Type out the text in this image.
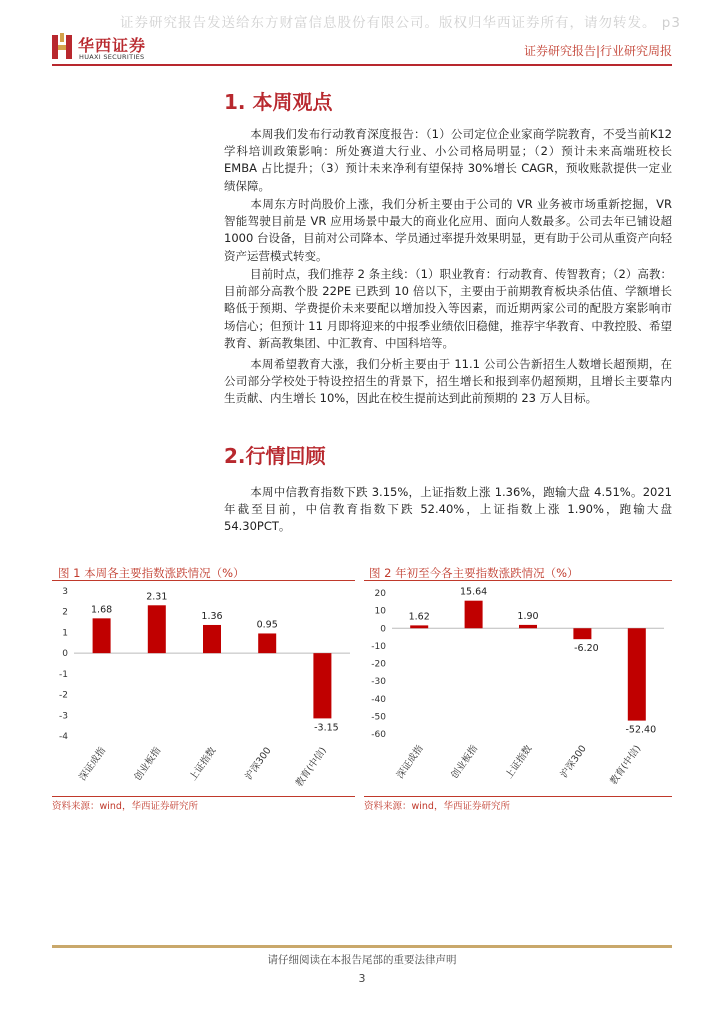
证券研究报告发送给东方财富信息股份有限公司。版权归华西证券所有，请勿转发。 p3
华西证券
HUAXI SECURITIES	证券研究报告|行业研究周报
1. 本周观点
本周我们发布行动教育深度报告：（1）公司定位企业家商学院教育，不受当前K12 学科培训政策影响：所处赛道大行业、小公司格局明显；（2）预计未来高端班校长 EMBA 占比提升；（3）预计未来净利有望保持 30%增长 CAGR，预收账款提供一定业绩保障。
本周东方时尚股价上涨，我们分析主要由于公司的 VR 业务被市场重新挖掘，VR 智能驾驶目前是 VR 应用场景中最大的商业化应用、面向人数最多。公司去年已铺设超 1000 台设备，目前对公司降本、学员通过率提升效果明显，更有助于公司从重资产向轻资产运营模式转变。
目前时点，我们推荐 2 条主线：（1）职业教育：行动教育、传智教育；（2）高教：目前部分高教个股 22PE 已跌到 10 倍以下，主要由于前期教育板块杀估值、学额增长略低于预期、学费提价未来要配以增加投入等因素，而近期两家公司的配股方案影响市场信心；但预计 11 月即将迎来的中报季业绩依旧稳健，推荐宇华教育、中教控股、希望教育、新高教集团、中汇教育、中国科培等。
本周希望教育大涨，我们分析主要由于 11.1 公司公告新招生人数增长超预期，在公司部分学校处于特设控招生的背景下，招生增长和报到率仍超预期，且增长主要靠内生贡献、内生增长 10%，因此在校生提前达到此前预期的 23 万人目标。
2.行情回顾
本周中信教育指数下跌 3.15%，上证指数上涨 1.36%，跑输大盘 4.51%。2021 年截至目前，中信教育指数下跌 52.40%，上证指数上涨 1.90%，跑输大盘 54.30PCT。
图 1 本周各主要指数涨跌情况（%）
3
2
1
0
-1
-2
-3
-4
1.68
深证成指
2.31
创业板指
1.36
上证指数
0.95
沪深300
-3.15
教育(中信)
资料来源：wind，华西证券研究所
图 2 年初至今各主要指数涨跌情况（%）
20
10
0
-10
-20
-30
-40
-50
-60
1.62
深证成指
15.64
创业板指
1.90
上证指数
-6.20
沪深300
-52.40
教育(中信)
资料来源：wind，华西证券研究所
请仔细阅读在本报告尾部的重要法律声明
3
